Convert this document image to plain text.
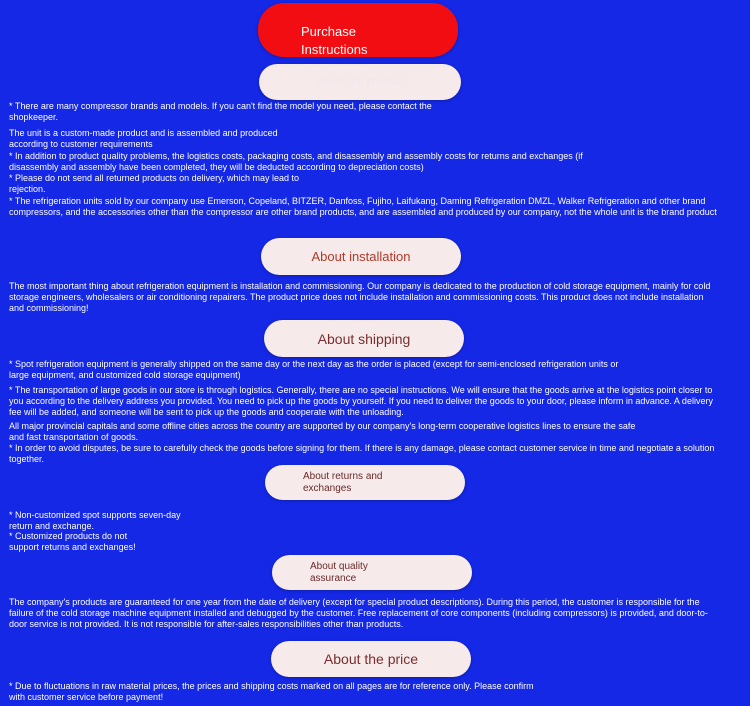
Purchase Instructions
About the product

* There are many compressor brands and models. If you can't find the model you need, please contact the shopkeeper.

The unit is a custom-made product and is assembled and produced according to customer requirements

* In addition to product quality problems, the logistics costs, packaging costs, and disassembly and assembly costs for returns and exchanges (if disassembly and assembly have been completed, they will be deducted according to depreciation costs)

* Please do not send all returned products on delivery, which may lead to rejection.

* The refrigeration units sold by our company use Emerson, Copeland, BITZER, Danfoss, Fujiho, Laifukang, Daming Refrigeration DMZL, Walker Refrigeration and other brand compressors, and the accessories other than the compressor are other brand products, and are assembled and produced by our company, not the whole unit is the brand product

About installation

The most important thing about refrigeration equipment is installation and commissioning. Our company is dedicated to the production of cold storage equipment, mainly for cold storage engineers, wholesalers or air conditioning repairers. The product price does not include installation and commissioning costs. This product does not include installation and commissioning!

About shipping

* Spot refrigeration equipment is generally shipped on the same day or the next day as the order is placed (except for semi-enclosed refrigeration units or large equipment, and customized cold storage equipment)

* The transportation of large goods in our store is through logistics. Generally, there are no special instructions. We will ensure that the goods arrive at the logistics point closer to you according to the delivery address you provided. You need to pick up the goods by yourself. If you need to deliver the goods to your door, please inform in advance. A delivery fee will be added, and someone will be sent to pick up the goods and cooperate with the unloading.

All major provincial capitals and some offline cities across the country are supported by our company's long-term cooperative logistics lines to ensure the safe and fast transportation of goods.

* In order to avoid disputes, be sure to carefully check the goods before signing for them. If there is any damage, please contact customer service in time and negotiate a solution together.

About returns and exchanges

* Non-customized spot supports seven-day return and exchange.

* Customized products do not support returns and exchanges!

About quality assurance

The company's products are guaranteed for one year from the date of delivery (except for special product descriptions). During this period, the customer is responsible for the failure of the cold storage machine equipment installed and debugged by the customer. Free replacement of core components (including compressors) is provided, and door-to-door service is not provided. It is not responsible for after-sales responsibilities other than products.

About the price

* Due to fluctuations in raw material prices, the prices and shipping costs marked on all pages are for reference only. Please confirm with customer service before payment!
